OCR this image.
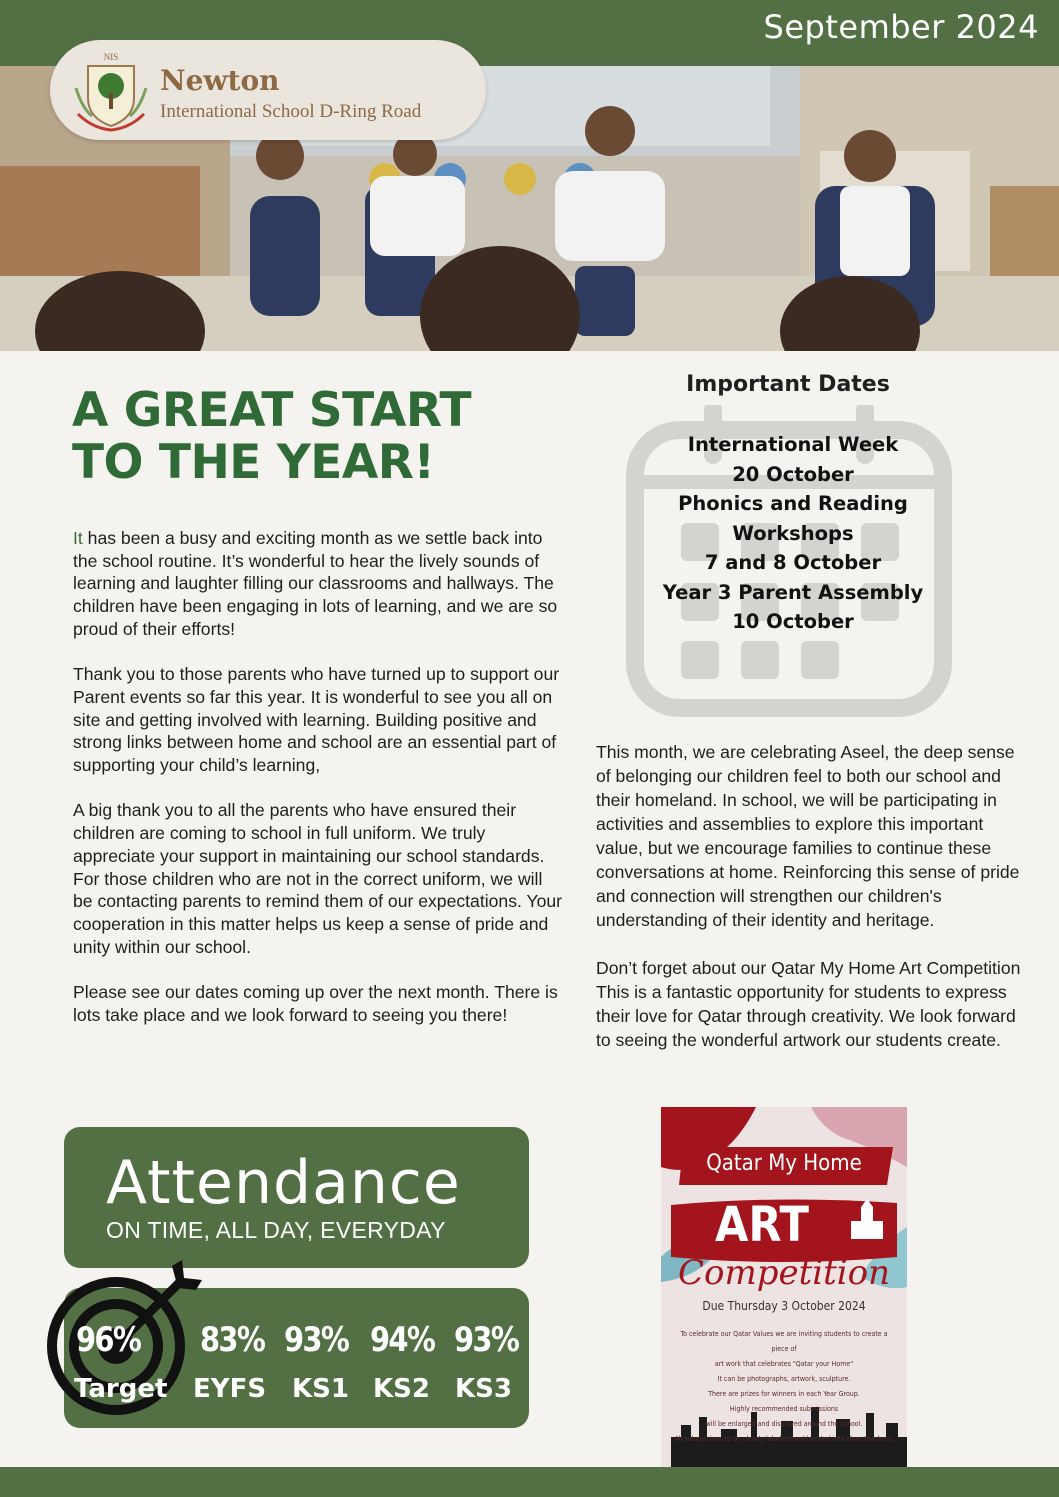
September 2024
NIS
Newton
International School D-Ring Road
A GREAT START
TO THE YEAR!

It has been a busy and exciting month as we settle back into the school routine. It’s wonderful to hear the lively sounds of learning and laughter filling our classrooms and hallways. The children have been engaging in lots of learning, and we are so proud of their efforts!

Thank you to those parents who have turned up to support our Parent events so far this year. It is wonderful to see you all on site and getting involved with learning. Building positive and strong links between home and school are an essential part of supporting your child’s learning,

A big thank you to all the parents who have ensured their children are coming to school in full uniform. We truly appreciate your support in maintaining our school standards. For those children who are not in the correct uniform, we will be contacting parents to remind them of our expectations. Your cooperation in this matter helps us keep a sense of pride and unity within our school.

Please see our dates coming up over the next month. There is lots take place and we look forward to seeing you there!

Important Dates
International Week
20 October
Phonics and Reading
Workshops
7 and 8 October
Year 3 Parent Assembly
10 October

This month, we are celebrating Aseel, the deep sense of belonging our children feel to both our school and their homeland. In school, we will be participating in activities and assemblies to explore this important value, but we encourage families to continue these conversations at home. Reinforcing this sense of pride and connection will strengthen our children's understanding of their identity and heritage.

Don’t forget about our Qatar My Home Art Competition This is a fantastic opportunity for students to express their love for Qatar through creativity. We look forward to seeing the wonderful artwork our students create.

Attendance
ON TIME, ALL DAY, EVERYDAY
96% 83% 93% 94% 93%
Target EYFS KS1 KS2 KS3
Qatar My Home
ART
Competition
Due Thursday 3 October 2024
To celebrate our Qatar Values we are inviting students to create a piece of
art work that celebrates "Qatar your Home"
It can be photographs, artwork, sculpture.
There are prizes for winners in each Year Group.
Highly recommended submissions
will be enlarged and displayed around the school.
All submissions to be clearly labelled and handed into class teachers.
